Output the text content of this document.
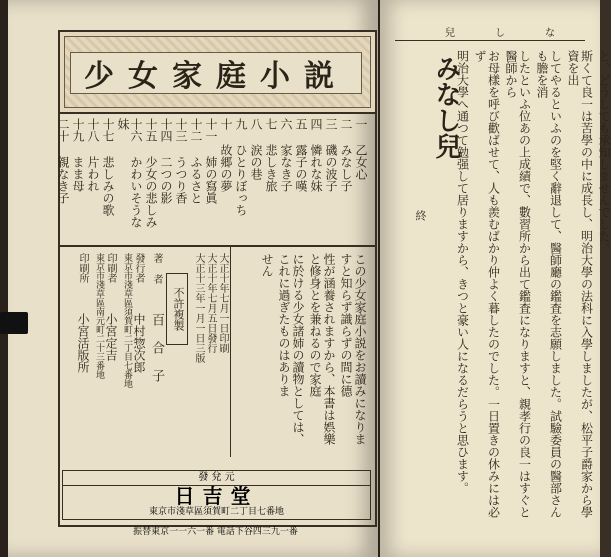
少女家庭小説
一 乙女心
二 みなし子
三 磯の波子
四 憐れな妹
五 露子の嘆
六 家なき子
七 悲しき旅
八 涙の巷
九 ひとりぼっち
十 故郷の夢
十一 姉の寫眞
十二 ふるさと
十三 うつり香
十四 二つの影
十五 少女の悲しみ
十六 かわいそうな妹
十七 悲しみの歌
十八 片われ
十九 まま母
二十 親なき子
この少女家庭小説をお讀みになりますと知らず識らずの間に德
性が涵養されますから、本書は娯樂と修身とを兼ねるので家庭
に於ける少女諸姉の讀物としては、これに過ぎたものはありま
せん
大正十年七月一日印刷
大正十年七月五日發行
大正十三年一月一日三版
不許複製
著 者
百 合 子
發行者
東京市淺草區須賀町二丁目七番地 中村惣次郎
印刷者
東京市淺草區南元町二十三番地 小宮定吉
印刷所
小宮活版所
發 兌 元
日吉堂
東京市淺草區須賀町二丁目七番地
振替東京一一六一番 電話下谷四三九一番
な
し
兒
みなし兒
終	と、どうしても承知しませんでした。
斯くて良一は苦學の中に成長し、明治大學の法科に入學しましたが、松平子爵家から學資を出
してやるといふのを堅く辭退して、醫師廳の鑑査を志願しました。試驗委員の醫部さんも膽を消
したといふ位あの上成績で、數習所から出て鑑査になりますと、親孝行の良一はすぐと醫師から
お母樣を呼び歡ばせて、人も羨むばかり仲よく暮したのでした。一日置きの休みには必ず
明治大學へ通つて勉强して居りますから、きつと豪い人になるだらうと思ひます。
